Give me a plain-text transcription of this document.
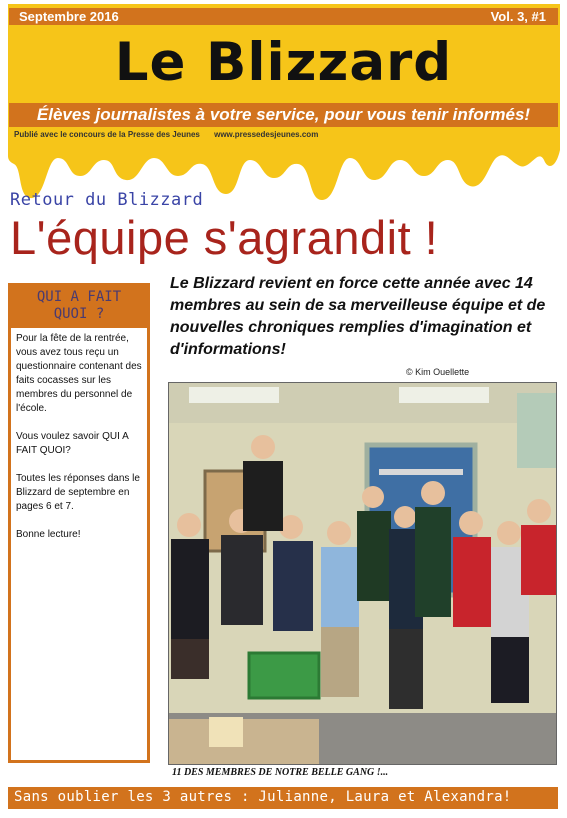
Septembre 2016	Vol. 3, #1
Le Blizzard
Élèves journalistes à votre service, pour vous tenir informés!
Publié avec le concours de la Presse des Jeunes www.pressedesjeunes.com
Retour du Blizzard
L'équipe s'agrandit !
QUI A FAIT
QUOI ?

Pour la fête de la rentrée, vous avez tous reçu un questionnaire contenant des faits cocasses sur les membres du personnel de l'école.

Vous voulez savoir QUI A FAIT QUOI?

Toutes les réponses dans le Blizzard de septembre en pages 6 et 7.

Bonne lecture!

Le Blizzard revient en force cette année avec 14 membres au sein de sa merveilleuse équipe et de nouvelles chroniques remplies d'imagination et d'informations!
© Kim Ouellette
11 DES MEMBRES DE NOTRE BELLE GANG !...
Sans oublier les 3 autres : Julianne, Laura et Alexandra!
